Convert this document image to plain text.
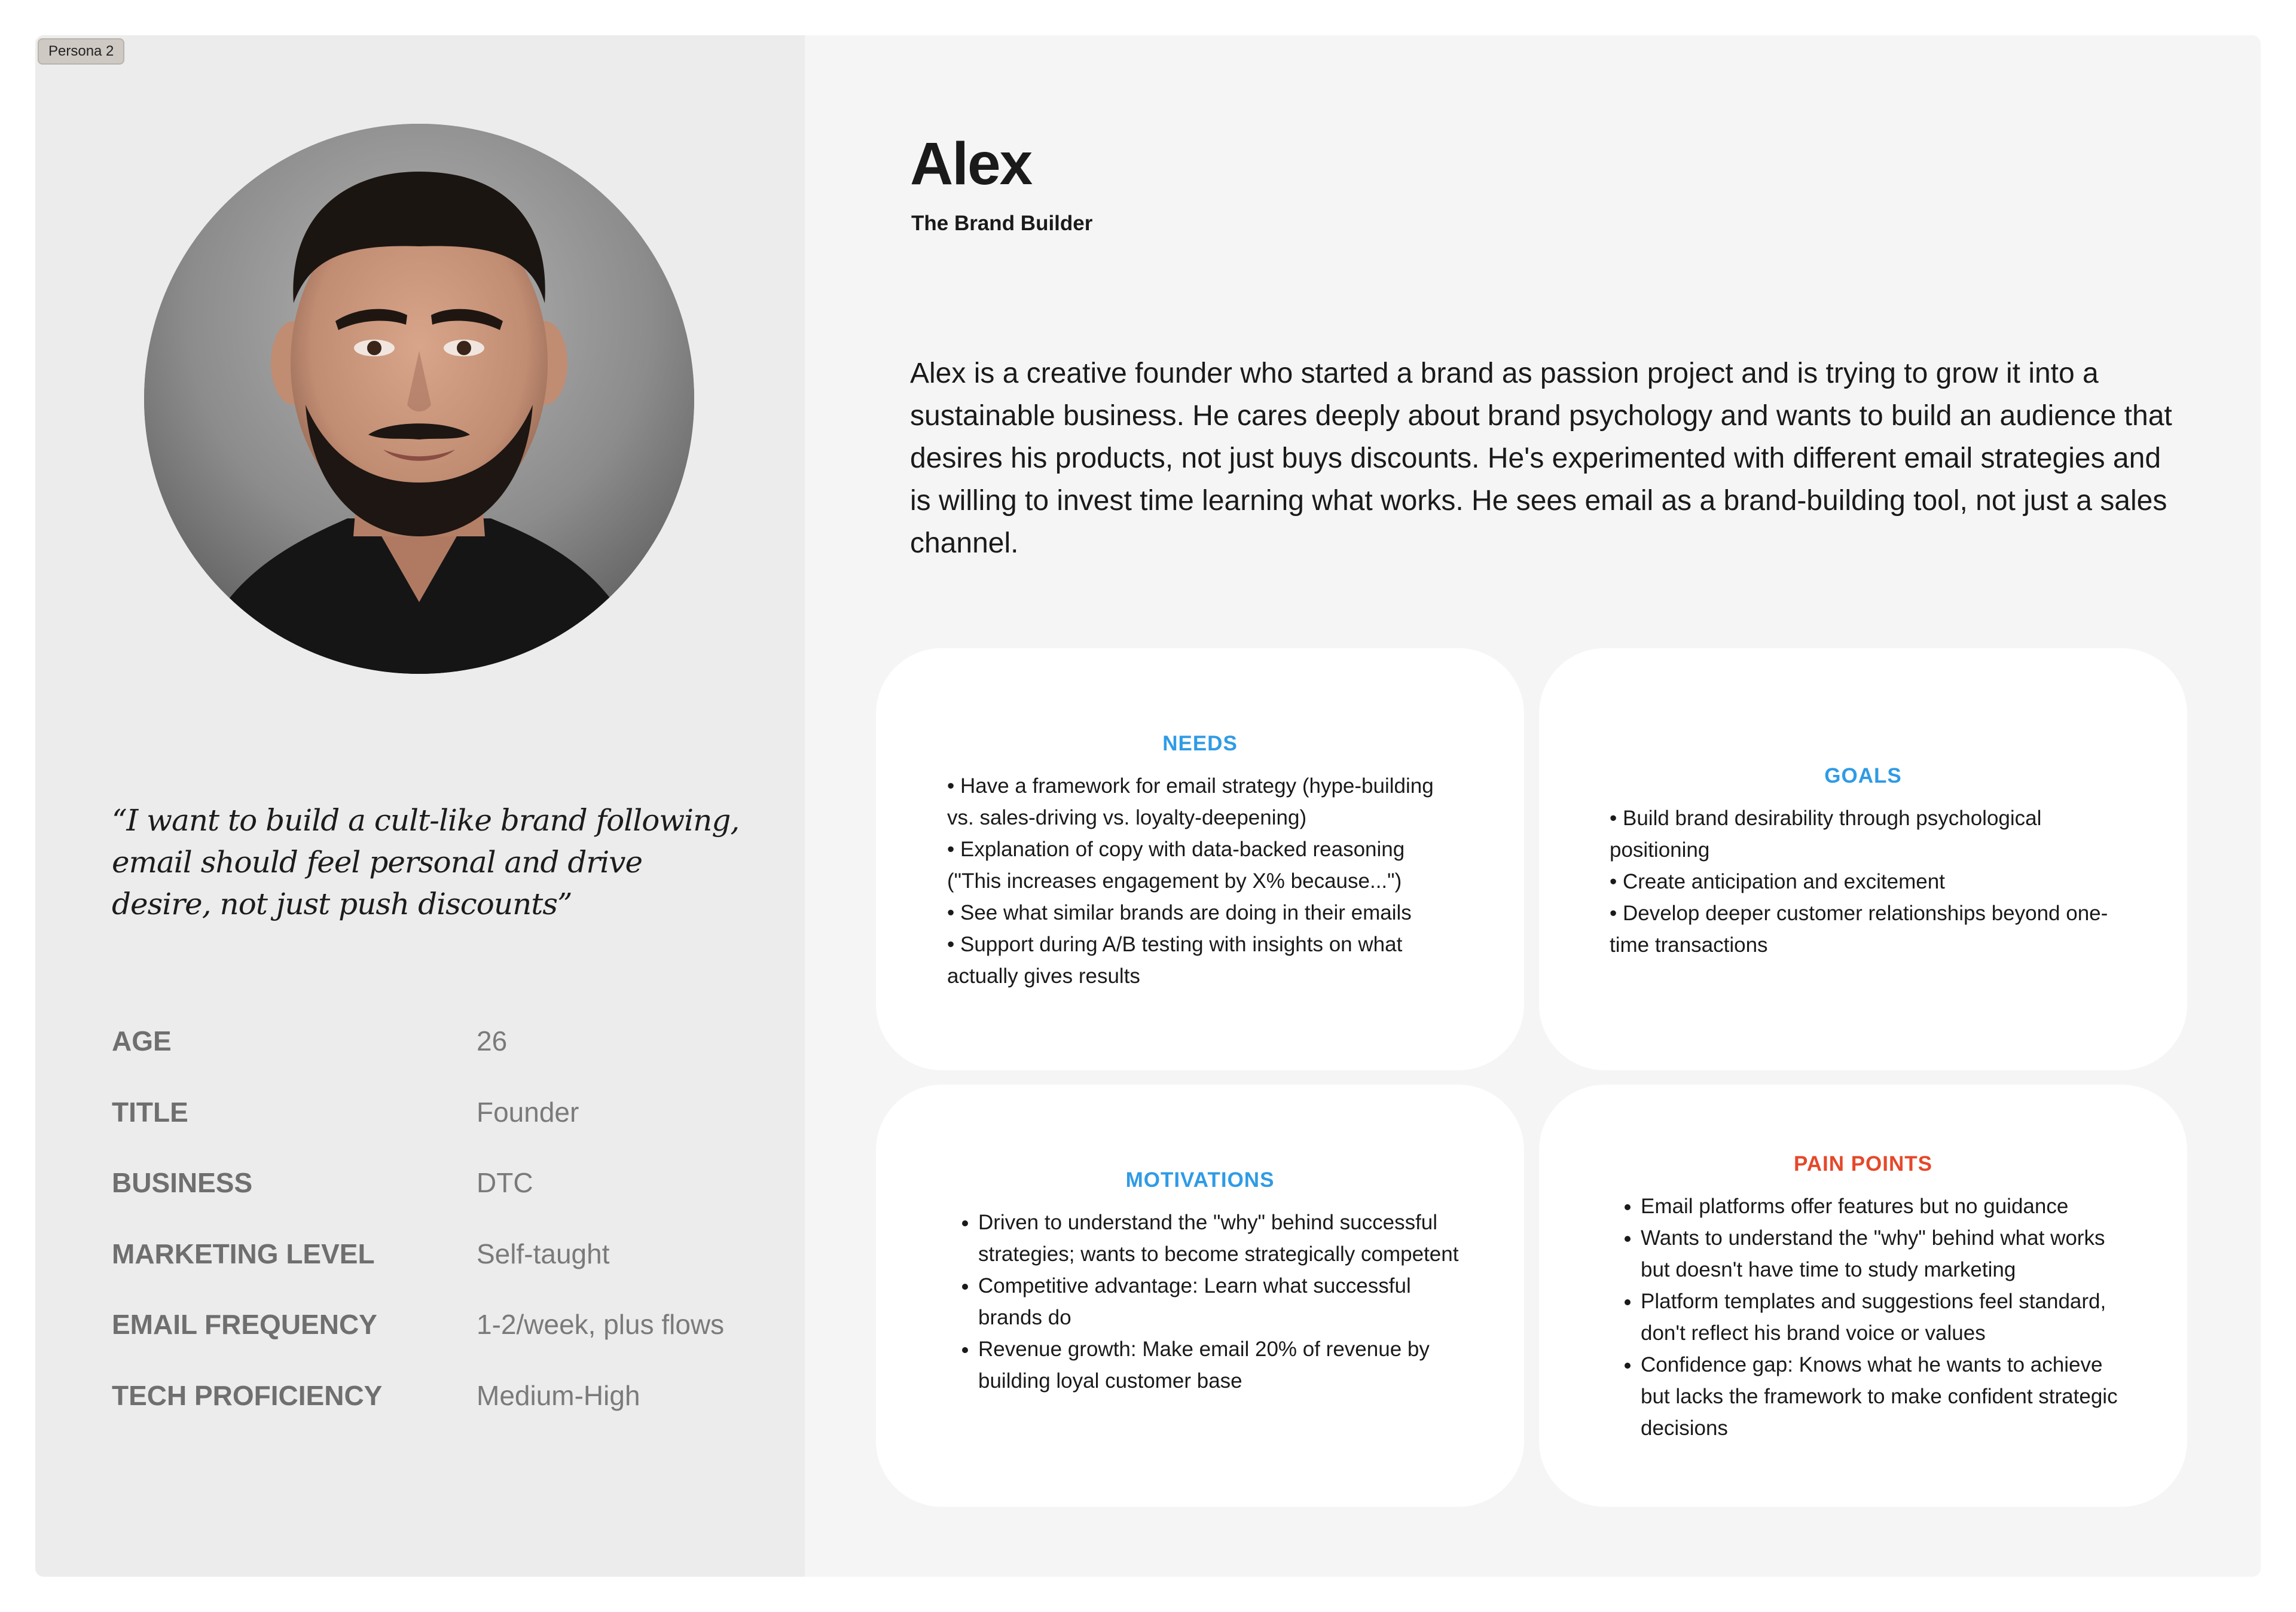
Persona 2
“I want to build a cult-like brand following, email should feel personal and drive desire, not just push discounts”
AGE	26
TITLE	Founder
BUSINESS	DTC
MARKETING LEVEL	Self-taught
EMAIL FREQUENCY	1-2/week, plus flows
TECH PROFICIENCY	Medium-High
Alex
The Brand Builder
Alex is a creative founder who started a brand as passion project and is trying to grow it into a sustainable business. He cares deeply about brand psychology and wants to build an audience that desires his products, not just buys discounts. He's experimented with different email strategies and is willing to invest time learning what works. He sees email as a brand-building tool, not just a sales channel.
NEEDS
• Have a framework for email strategy (hype-building vs. sales-driving vs. loyalty-deepening)
• Explanation of copy with data-backed reasoning ("This increases engagement by X% because...")
• See what similar brands are doing in their emails
• Support during A/B testing with insights on what actually gives results
GOALS
• Build brand desirability through psychological positioning
• Create anticipation and excitement
• Develop deeper customer relationships beyond one-time transactions
MOTIVATIONS
• Driven to understand the "why" behind successful strategies; wants to become strategically competent
• Competitive advantage: Learn what successful brands do
• Revenue growth: Make email 20% of revenue by building loyal customer base
PAIN POINTS
• Email platforms offer features but no guidance
• Wants to understand the "why" behind what works but doesn't have time to study marketing
• Platform templates and suggestions feel standard, don't reflect his brand voice or values
• Confidence gap: Knows what he wants to achieve but lacks the framework to make confident strategic decisions
